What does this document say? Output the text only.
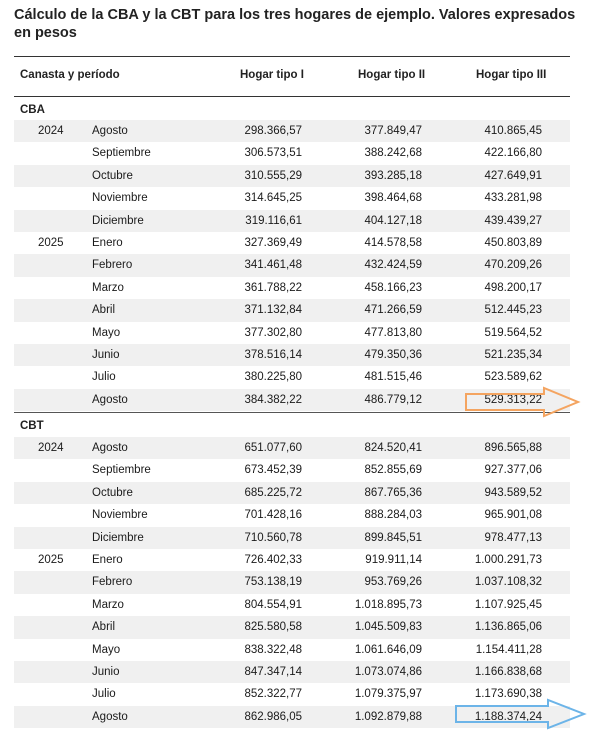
Cálculo de la CBA y la CBT para los tres hogares de ejemplo. Valores expresados en pesos
Canasta y período	Hogar tipo I	Hogar tipo II	Hogar tipo III
CBA
2024 Agosto	298.366,57	377.849,47	410.865,45
Septiembre	306.573,51	388.242,68	422.166,80
Octubre	310.555,29	393.285,18	427.649,91
Noviembre	314.645,25	398.464,68	433.281,98
Diciembre	319.116,61	404.127,18	439.439,27
2025 Enero	327.369,49	414.578,58	450.803,89
Febrero	341.461,48	432.424,59	470.209,26
Marzo	361.788,22	458.166,23	498.200,17
Abril	371.132,84	471.266,59	512.445,23
Mayo	377.302,80	477.813,80	519.564,52
Junio	378.516,14	479.350,36	521.235,34
Julio	380.225,80	481.515,46	523.589,62
Agosto	384.382,22	486.779,12	529.313,22
CBT
2024 Agosto	651.077,60	824.520,41	896.565,88
Septiembre	673.452,39	852.855,69	927.377,06
Octubre	685.225,72	867.765,36	943.589,52
Noviembre	701.428,16	888.284,03	965.901,08
Diciembre	710.560,78	899.845,51	978.477,13
2025 Enero	726.402,33	919.911,14	1.000.291,73
Febrero	753.138,19	953.769,26	1.037.108,32
Marzo	804.554,91	1.018.895,73	1.107.925,45
Abril	825.580,58	1.045.509,83	1.136.865,06
Mayo	838.322,48	1.061.646,09	1.154.411,28
Junio	847.347,14	1.073.074,86	1.166.838,68
Julio	852.322,77	1.079.375,97	1.173.690,38
Agosto	862.986,05	1.092.879,88	1.188.374,24
